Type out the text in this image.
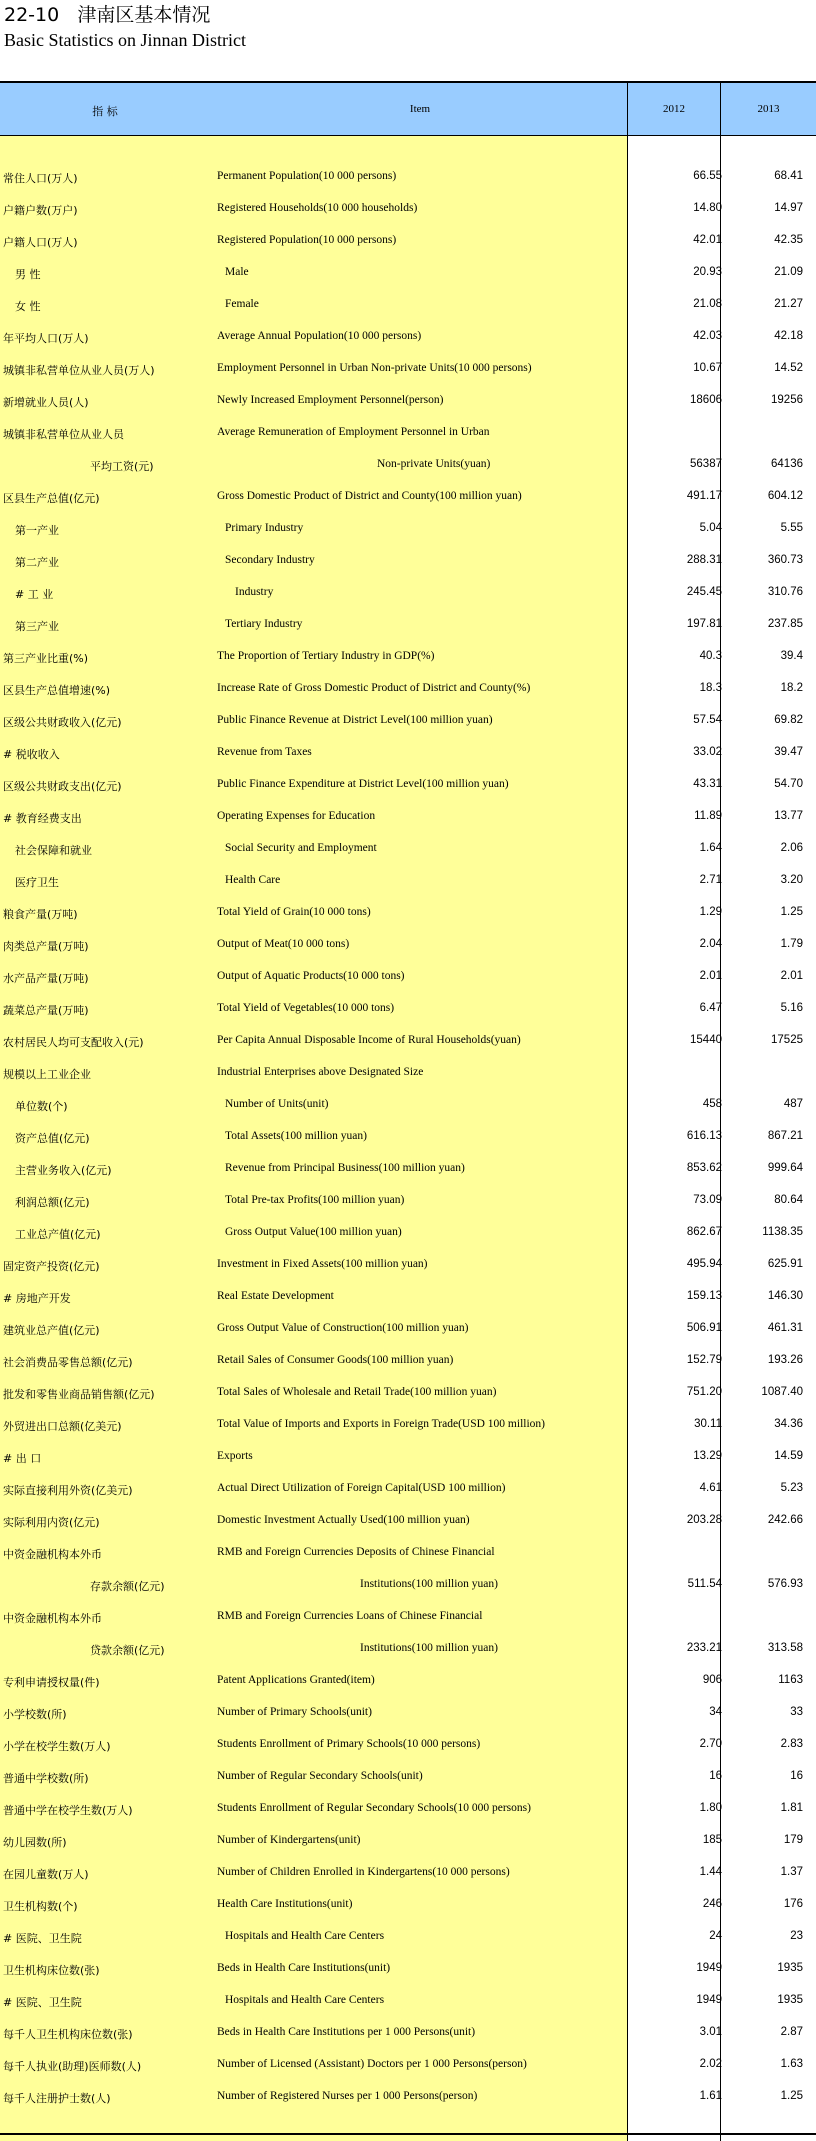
22-10   津南区基本情况
Basic Statistics on Jinnan District
指 标	Item	2012	2013
常住人口(万人)	Permanent Population(10 000 persons)	66.55	68.41
户籍户数(万户)	Registered Households(10 000 households)	14.80	14.97
户籍人口(万人)	Registered Population(10 000 persons)	42.01	42.35
男 性	Male	20.93	21.09
女 性	Female	21.08	21.27
年平均人口(万人)	Average Annual Population(10 000 persons)	42.03	42.18
城镇非私营单位从业人员(万人)	Employment Personnel in Urban Non-private Units(10 000 persons)	10.67	14.52
新增就业人员(人)	Newly Increased Employment Personnel(person)	18606	19256
城镇非私营单位从业人员	Average Remuneration of Employment Personnel in Urban
平均工资(元)	Non-private Units(yuan)	56387	64136
区县生产总值(亿元)	Gross Domestic Product of District and County(100 million yuan)	491.17	604.12
第一产业	Primary Industry	5.04	5.55
第二产业	Secondary Industry	288.31	360.73
# 工 业	Industry	245.45	310.76
第三产业	Tertiary Industry	197.81	237.85
第三产业比重(%)	The Proportion of Tertiary Industry in GDP(%)	40.3	39.4
区县生产总值增速(%)	Increase Rate of Gross Domestic Product of District and County(%)	18.3	18.2
区级公共财政收入(亿元)	Public Finance Revenue at District Level(100 million yuan)	57.54	69.82
# 税收收入	Revenue from Taxes	33.02	39.47
区级公共财政支出(亿元)	Public Finance Expenditure at District Level(100 million yuan)	43.31	54.70
# 教育经费支出	Operating Expenses for Education	11.89	13.77
社会保障和就业	Social Security and Employment	1.64	2.06
医疗卫生	Health Care	2.71	3.20
粮食产量(万吨)	Total Yield of Grain(10 000 tons)	1.29	1.25
肉类总产量(万吨)	Output of Meat(10 000 tons)	2.04	1.79
水产品产量(万吨)	Output of Aquatic Products(10 000 tons)	2.01	2.01
蔬菜总产量(万吨)	Total Yield of Vegetables(10 000 tons)	6.47	5.16
农村居民人均可支配收入(元)	Per Capita Annual Disposable Income of Rural Households(yuan)	15440	17525
规模以上工业企业	Industrial Enterprises above Designated Size
单位数(个)	Number of Units(unit)	458	487
资产总值(亿元)	Total Assets(100 million yuan)	616.13	867.21
主营业务收入(亿元)	Revenue from Principal Business(100 million yuan)	853.62	999.64
利润总额(亿元)	Total Pre-tax Profits(100 million yuan)	73.09	80.64
工业总产值(亿元)	Gross Output Value(100 million yuan)	862.67	1138.35
固定资产投资(亿元)	Investment in Fixed Assets(100 million yuan)	495.94	625.91
# 房地产开发	Real Estate Development	159.13	146.30
建筑业总产值(亿元)	Gross Output Value of Construction(100 million yuan)	506.91	461.31
社会消费品零售总额(亿元)	Retail Sales of Consumer Goods(100 million yuan)	152.79	193.26
批发和零售业商品销售额(亿元)	Total Sales of Wholesale and Retail Trade(100 million yuan)	751.20	1087.40
外贸进出口总额(亿美元)	Total Value of Imports and Exports in Foreign Trade(USD 100 million)	30.11	34.36
# 出 口	Exports	13.29	14.59
实际直接利用外资(亿美元)	Actual Direct Utilization of Foreign Capital(USD 100 million)	4.61	5.23
实际利用内资(亿元)	Domestic Investment Actually Used(100 million yuan)	203.28	242.66
中资金融机构本外币	RMB and Foreign Currencies Deposits of Chinese Financial
存款余额(亿元)	Institutions(100 million yuan)	511.54	576.93
中资金融机构本外币	RMB and Foreign Currencies Loans of Chinese Financial
贷款余额(亿元)	Institutions(100 million yuan)	233.21	313.58
专利申请授权量(件)	Patent Applications Granted(item)	906	1163
小学校数(所)	Number of Primary Schools(unit)	34	33
小学在校学生数(万人)	Students Enrollment of Primary Schools(10 000 persons)	2.70	2.83
普通中学校数(所)	Number of Regular Secondary Schools(unit)	16	16
普通中学在校学生数(万人)	Students Enrollment of Regular Secondary Schools(10 000 persons)	1.80	1.81
幼儿园数(所)	Number of Kindergartens(unit)	185	179
在园儿童数(万人)	Number of Children Enrolled in Kindergartens(10 000 persons)	1.44	1.37
卫生机构数(个)	Health Care Institutions(unit)	246	176
# 医院、卫生院	Hospitals and Health Care Centers	24	23
卫生机构床位数(张)	Beds in Health Care Institutions(unit)	1949	1935
# 医院、卫生院	Hospitals and Health Care Centers	1949	1935
每千人卫生机构床位数(张)	Beds in Health Care Institutions per 1 000 Persons(unit)	3.01	2.87
每千人执业(助理)医师数(人)	Number of Licensed (Assistant) Doctors per 1 000 Persons(person)	2.02	1.63
每千人注册护士数(人)	Number of Registered Nurses per 1 000 Persons(person)	1.61	1.25
